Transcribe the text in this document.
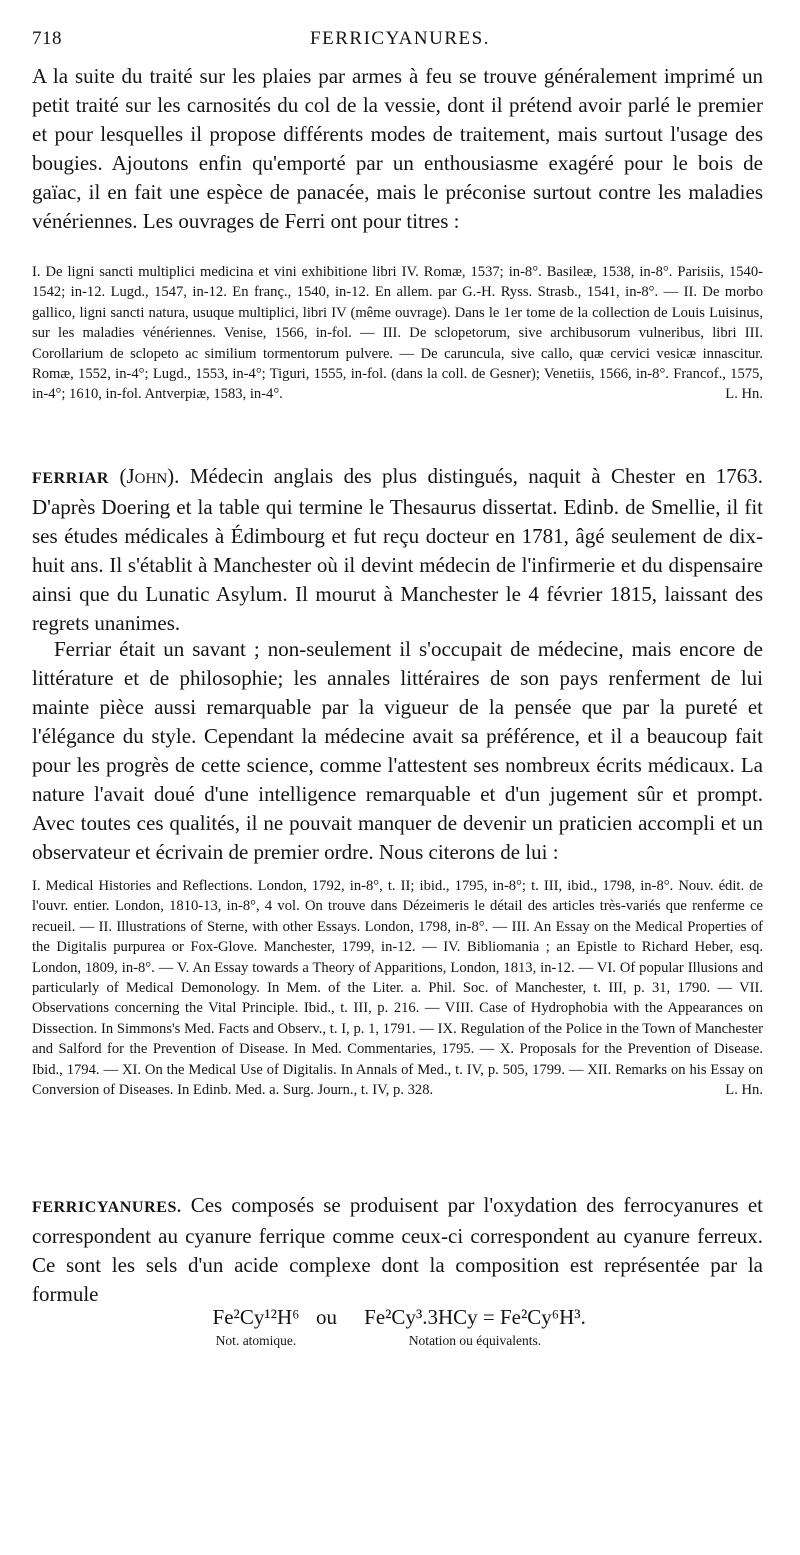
718	FERRICYANURES.

A la suite du traité sur les plaies par armes à feu se trouve généralement imprimé un petit traité sur les carnosités du col de la vessie, dont il prétend avoir parlé le premier et pour lesquelles il propose différents modes de traitement, mais surtout l'usage des bougies. Ajoutons enfin qu'emporté par un enthousiasme exagéré pour le bois de gaïac, il en fait une espèce de panacée, mais le préconise surtout contre les maladies vénériennes. Les ouvrages de Ferri ont pour titres :

I. De ligni sancti multiplici medicina et vini exhibitione libri IV. Romæ, 1537; in-8°. Basileæ, 1538, in-8°. Parisiis, 1540-1542; in-12. Lugd., 1547, in-12. En franç., 1540, in-12. En allem. par G.-H. Ryss. Strasb., 1541, in-8°. — II. De morbo gallico, ligni sancti natura, usuque multiplici, libri IV (même ouvrage). Dans le 1er tome de la collection de Louis Luisinus, sur les maladies vénériennes. Venise, 1566, in-fol. — III. De sclopetorum, sive archibusorum vulneribus, libri III. Corollarium de sclopeto ac similium tormentorum pulvere. — De caruncula, sive callo, quæ cervici vesicæ innascitur. Romæ, 1552, in-4°; Lugd., 1553, in-4°; Tiguri, 1555, in-fol. (dans la coll. de Gesner); Venetiis, 1566, in-8°. Francof., 1575, in-4°; 1610, in-fol. Antverpiæ, 1583, in-4°.	L. Hn.
FERRIAR (John). Médecin anglais des plus distingués, naquit à Chester en 1763. D'après Doering et la table qui termine le Thesaurus dissertat. Edinb. de Smellie, il fit ses études médicales à Édimbourg et fut reçu docteur en 1781, âgé seulement de dix-huit ans. Il s'établit à Manchester où il devint médecin de l'infirmerie et du dispensaire ainsi que du Lunatic Asylum. Il mourut à Manchester le 4 février 1815, laissant des regrets unanimes.

Ferriar était un savant ; non-seulement il s'occupait de médecine, mais encore de littérature et de philosophie; les annales littéraires de son pays renferment de lui mainte pièce aussi remarquable par la vigueur de la pensée que par la pureté et l'élégance du style. Cependant la médecine avait sa préférence, et il a beaucoup fait pour les progrès de cette science, comme l'attestent ses nombreux écrits médicaux. La nature l'avait doué d'une intelligence remarquable et d'un jugement sûr et prompt. Avec toutes ces qualités, il ne pouvait manquer de devenir un praticien accompli et un observateur et écrivain de premier ordre. Nous citerons de lui :

I. Medical Histories and Reflections. London, 1792, in-8°, t. II; ibid., 1795, in-8°; t. III, ibid., 1798, in-8°. Nouv. édit. de l'ouvr. entier. London, 1810-13, in-8°, 4 vol. On trouve dans Dézeimeris le détail des articles très-variés que renferme ce recueil. — II. Illustrations of Sterne, with other Essays. London, 1798, in-8°. — III. An Essay on the Medical Properties of the Digitalis purpurea or Fox-Glove. Manchester, 1799, in-12. — IV. Bibliomania ; an Epistle to Richard Heber, esq. London, 1809, in-8°. — V. An Essay towards a Theory of Apparitions, London, 1813, in-12. — VI. Of popular Illusions and particularly of Medical Demonology. In Mem. of the Liter. a. Phil. Soc. of Manchester, t. III, p. 31, 1790. — VII. Observations concerning the Vital Principle. Ibid., t. III, p. 216. — VIII. Case of Hydrophobia with the Appearances on Dissection. In Simmons's Med. Facts and Observ., t. I, p. 1, 1791. — IX. Regulation of the Police in the Town of Manchester and Salford for the Prevention of Disease. In Med. Commentaries, 1795. — X. Proposals for the Prevention of Disease. Ibid., 1794. — XI. On the Medical Use of Digitalis. In Annals of Med., t. IV, p. 505, 1799. — XII. Remarks on his Essay on Conversion of Diseases. In Edinb. Med. a. Surg. Journ., t. IV, p. 328.	L. Hn.
FERRICYANURES. Ces composés se produisent par l'oxydation des ferrocyanures et correspondent au cyanure ferrique comme ceux-ci correspondent au cyanure ferreux. Ce sont les sels d'un acide complexe dont la composition est représentée par la formule
Fe²Cy¹²H⁶
Not. atomique.
ou	Fe²Cy³.3HCy = Fe²Cy⁶H³.
Notation ou équivalents.
